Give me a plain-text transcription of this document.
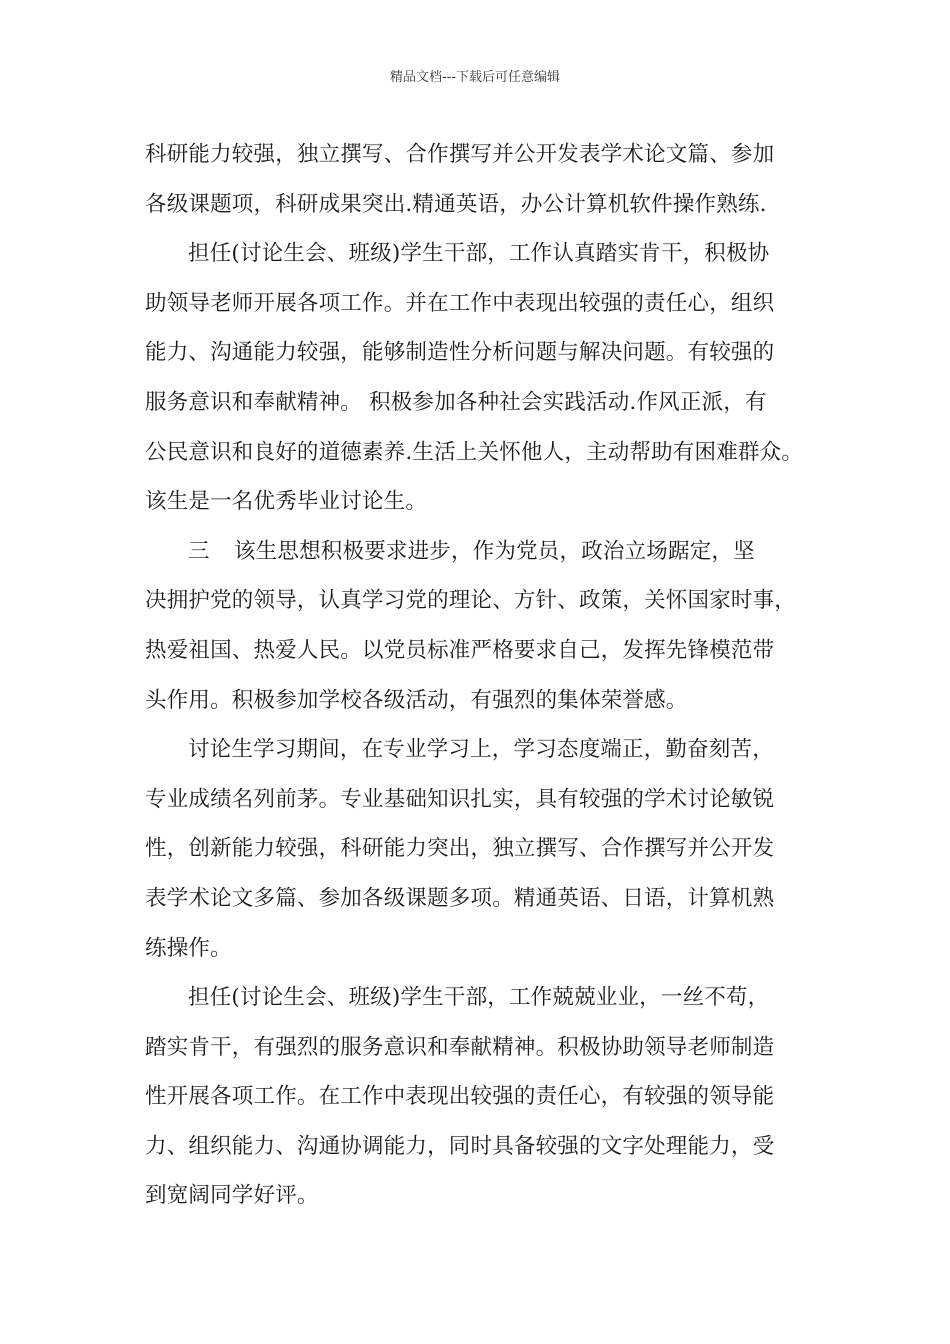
精品文档---下载后可任意编辑
科研能力较强，独立撰写、合作撰写并公开发表学术论文篇、参加
各级课题项，科研成果突出.精通英语，办公计算机软件操作熟练.
担任(讨论生会、班级)学生干部，工作认真踏实肯干，积极协
助领导老师开展各项工作。并在工作中表现出较强的责任心，组织
能力、沟通能力较强，能够制造性分析问题与解决问题。有较强的
服务意识和奉献精神。 积极参加各种社会实践活动.作风正派，有
公民意识和良好的道德素养.生活上关怀他人，主动帮助有困难群众。
该生是一名优秀毕业讨论生。
三 该生思想积极要求进步，作为党员，政治立场踞定，坚
决拥护党的领导，认真学习党的理论、方针、政策，关怀国家时事，
热爱祖国、热爱人民。以党员标准严格要求自己，发挥先锋模范带
头作用。积极参加学校各级活动，有强烈的集体荣誉感。
讨论生学习期间，在专业学习上，学习态度端正，勤奋刻苦，
专业成绩名列前茅。专业基础知识扎实，具有较强的学术讨论敏锐
性，创新能力较强，科研能力突出，独立撰写、合作撰写并公开发
表学术论文多篇、参加各级课题多项。精通英语、日语，计算机熟
练操作。
担任(讨论生会、班级)学生干部，工作兢兢业业，一丝不苟，
踏实肯干，有强烈的服务意识和奉献精神。积极协助领导老师制造
性开展各项工作。在工作中表现出较强的责任心，有较强的领导能
力、组织能力、沟通协调能力，同时具备较强的文字处理能力，受
到宽阔同学好评。
